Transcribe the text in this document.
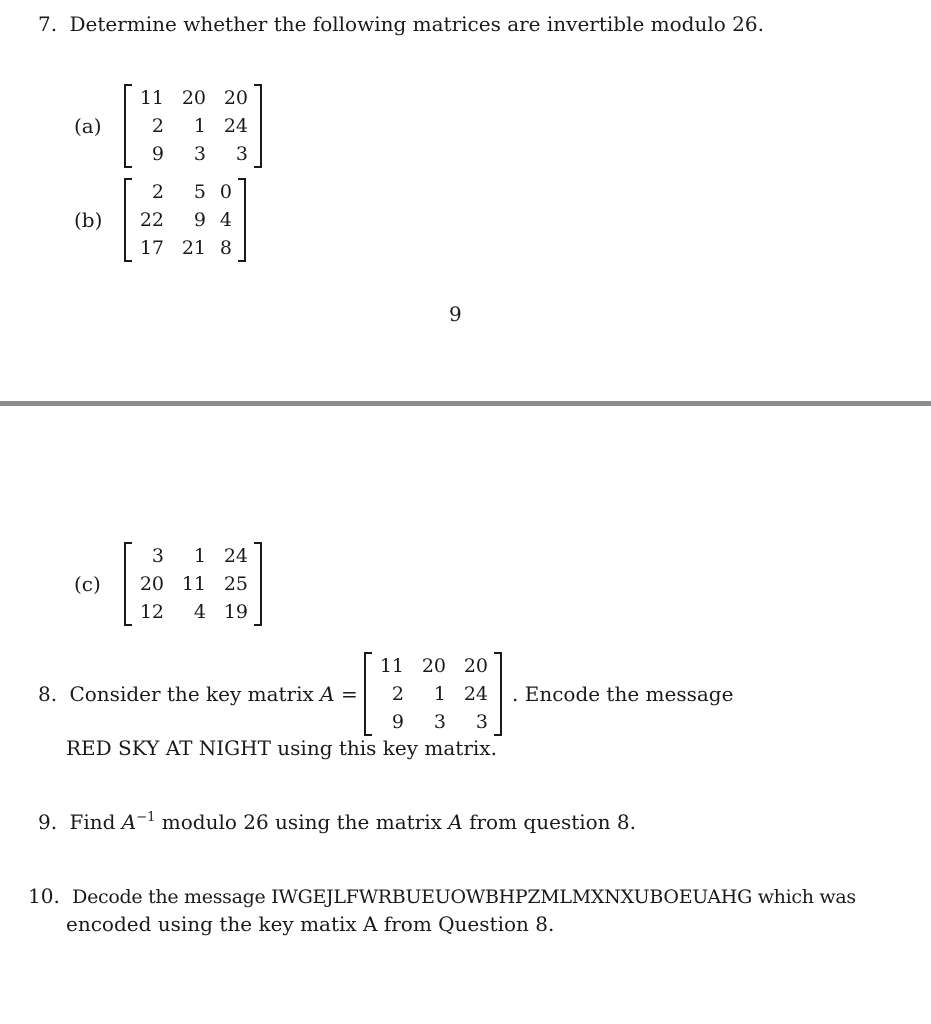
7. Determine whether the following matrices are invertible modulo 26.
(a)
11 20 20
2	1 24
9	3	3
(b)
2	5 0
22	9 4
17 21 8
9
(c)
3	1 24
20 11 25
12	4 19
8. Consider the key matrix A =
11 20 20
2	1 24
9	3	3
. Encode the message
RED SKY AT NIGHT using this key matrix.
9. Find $A^{-1}$ modulo 26 using the matrix A from question 8.
10. Decode the message IWGEJLFWRBUEUOWBHPZMLMXNXUBOEUAHG which was
encoded using the key matix A from Question 8.
